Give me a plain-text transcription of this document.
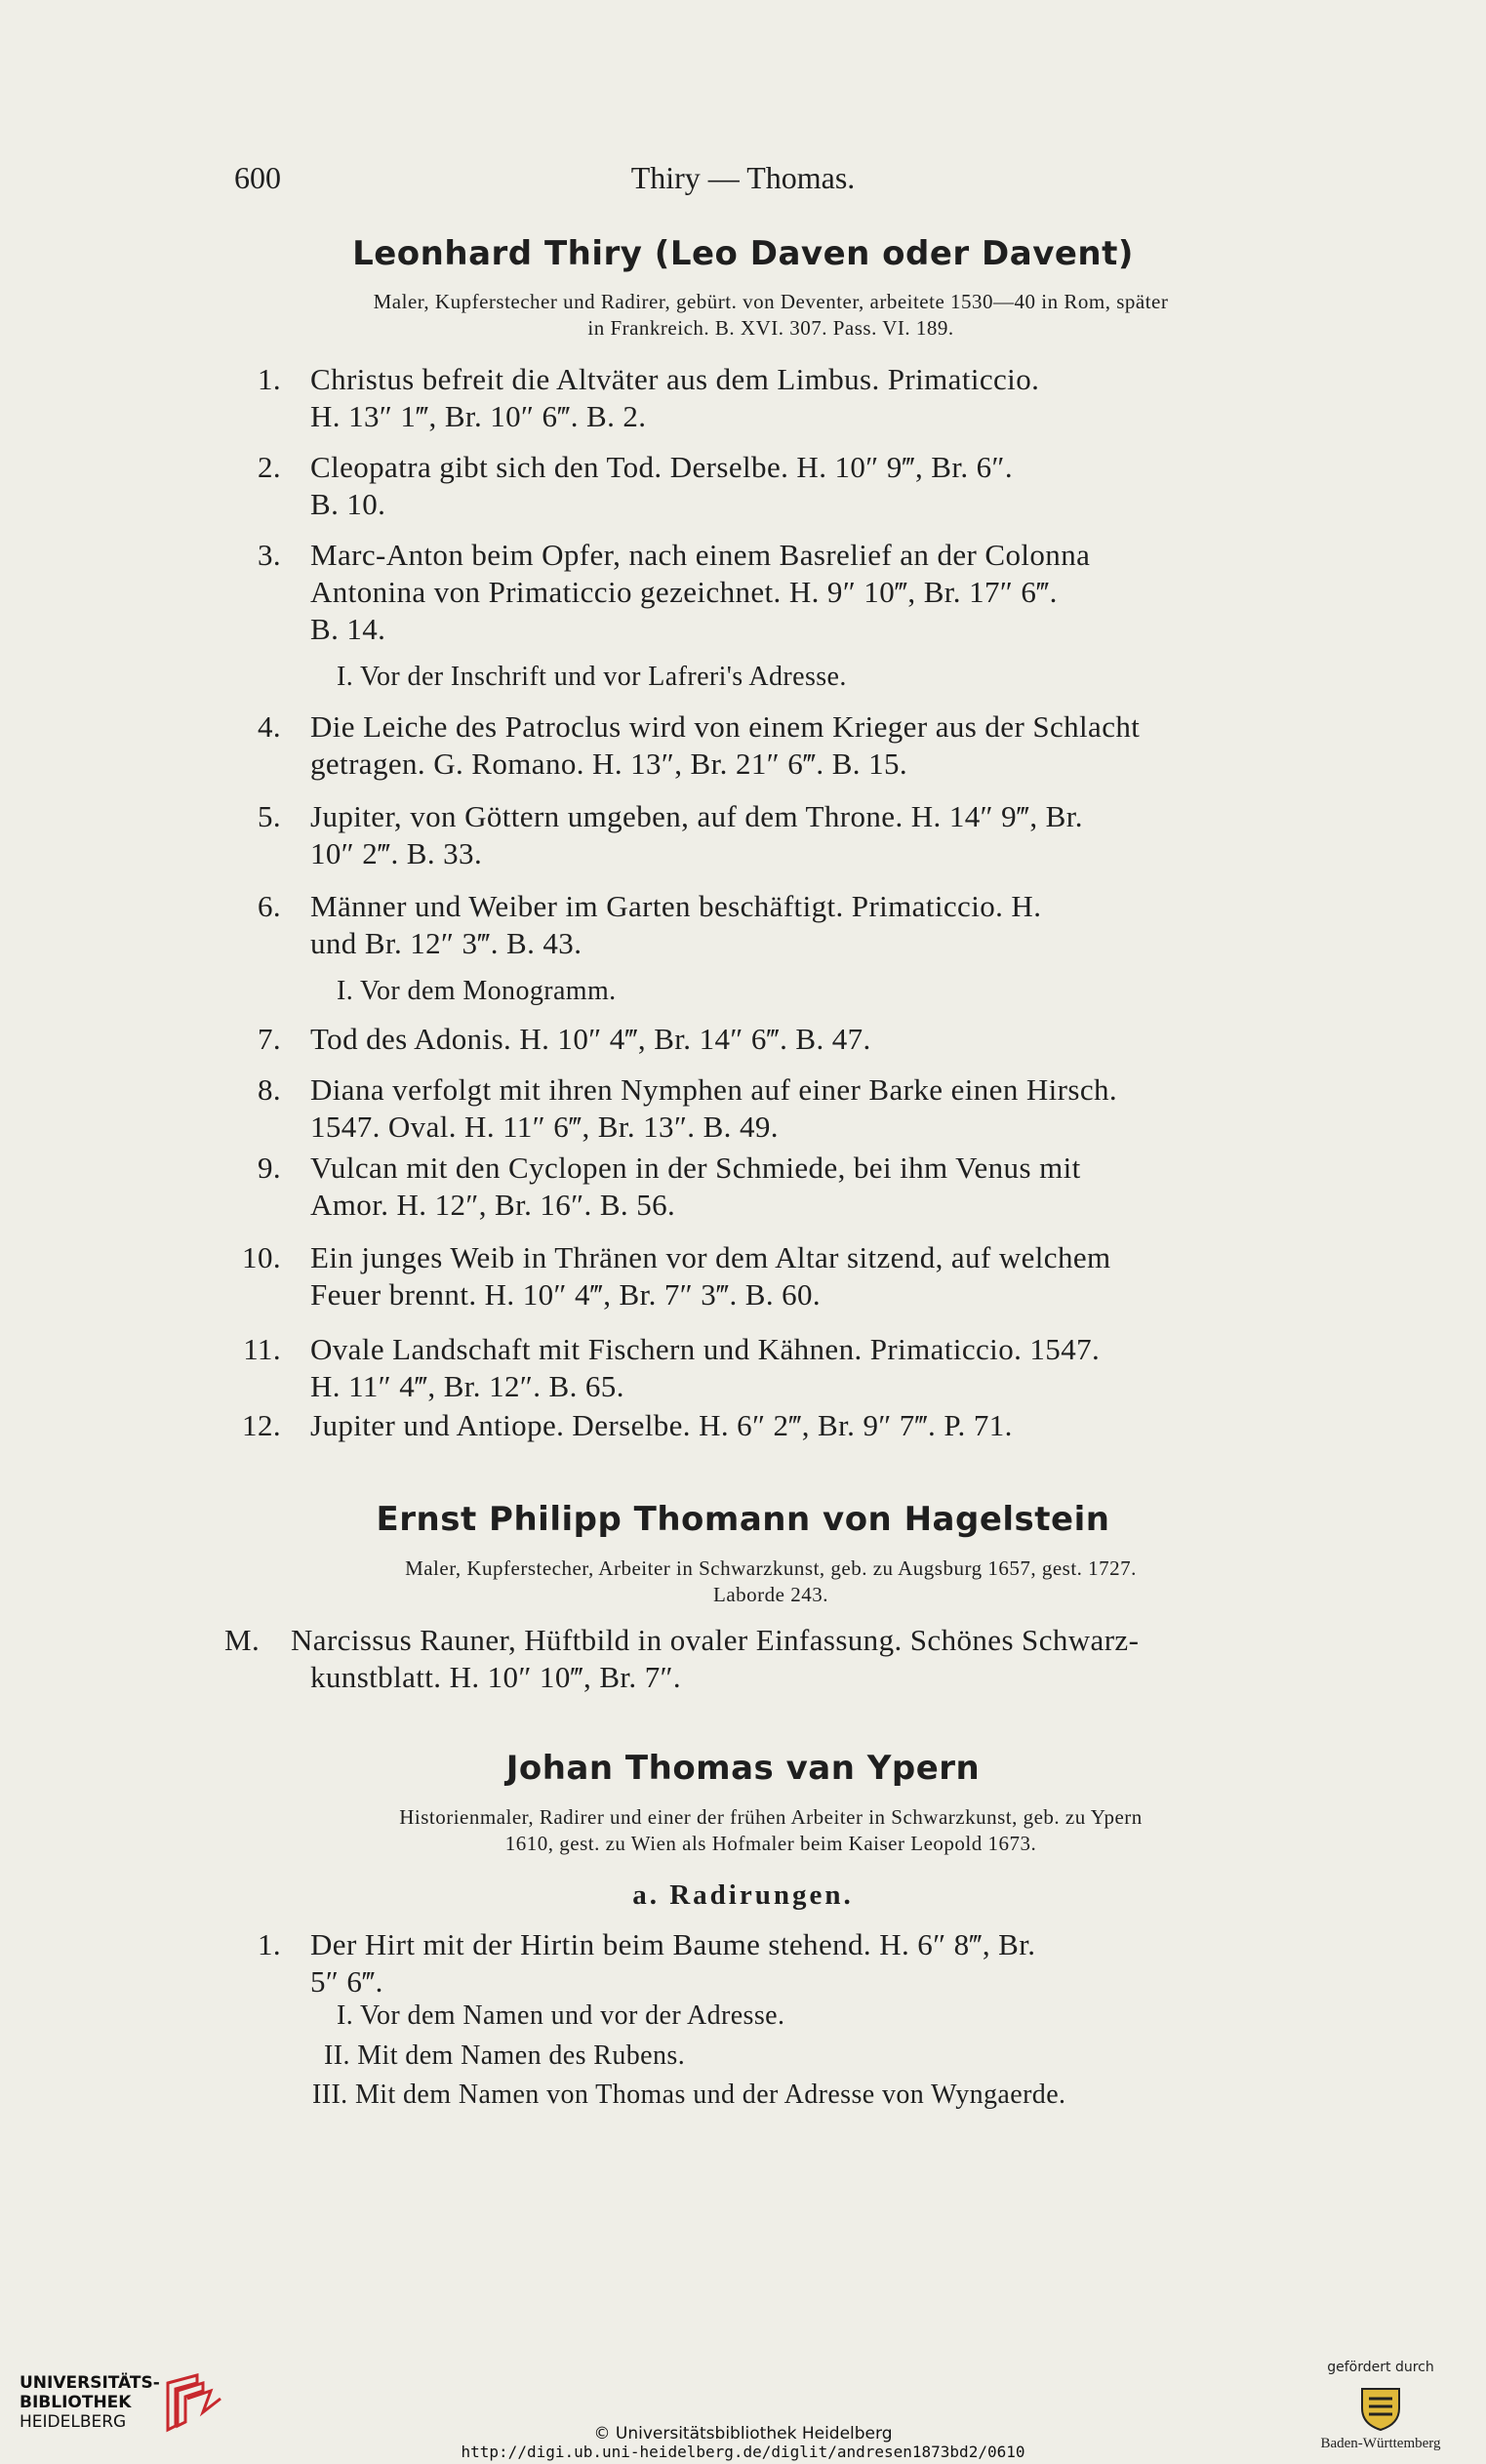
600	Thiry — Thomas.
Leonhard Thiry (Leo Daven oder Davent)
Maler, Kupferstecher und Radirer, gebürt. von Deventer, arbeitete 1530—40 in Rom, später
in Frankreich. B. XVI. 307. Pass. VI. 189.
1. Christus befreit die Altväter aus dem Limbus. Primaticcio.
H. 13″ 1‴, Br. 10″ 6‴. B. 2.
2. Cleopatra gibt sich den Tod. Derselbe. H. 10″ 9‴, Br. 6″.
B. 10.
3. Marc-Anton beim Opfer, nach einem Basrelief an der Colonna
Antonina von Primaticcio gezeichnet. H. 9″ 10‴, Br. 17″ 6‴.
B. 14.
I. Vor der Inschrift und vor Lafreri's Adresse.
4. Die Leiche des Patroclus wird von einem Krieger aus der Schlacht
getragen. G. Romano. H. 13″, Br. 21″ 6‴. B. 15.
5. Jupiter, von Göttern umgeben, auf dem Throne. H. 14″ 9‴, Br.
10″ 2‴. B. 33.
6. Männer und Weiber im Garten beschäftigt. Primaticcio. H.
und Br. 12″ 3‴. B. 43.
I. Vor dem Monogramm.
7. Tod des Adonis. H. 10″ 4‴, Br. 14″ 6‴. B. 47.
8. Diana verfolgt mit ihren Nymphen auf einer Barke einen Hirsch.
1547. Oval. H. 11″ 6‴, Br. 13″. B. 49.
9. Vulcan mit den Cyclopen in der Schmiede, bei ihm Venus mit
Amor. H. 12″, Br. 16″. B. 56.
10. Ein junges Weib in Thränen vor dem Altar sitzend, auf welchem
Feuer brennt. H. 10″ 4‴, Br. 7″ 3‴. B. 60.
11. Ovale Landschaft mit Fischern und Kähnen. Primaticcio. 1547.
H. 11″ 4‴, Br. 12″. B. 65.
12. Jupiter und Antiope. Derselbe. H. 6″ 2‴, Br. 9″ 7‴. P. 71.
Ernst Philipp Thomann von Hagelstein
Maler, Kupferstecher, Arbeiter in Schwarzkunst, geb. zu Augsburg 1657, gest. 1727.
Laborde 243.
M. Narcissus Rauner, Hüftbild in ovaler Einfassung. Schönes Schwarz-
kunstblatt. H. 10″ 10‴, Br. 7″.
Johan Thomas van Ypern
Historienmaler, Radirer und einer der frühen Arbeiter in Schwarzkunst, geb. zu Ypern
1610, gest. zu Wien als Hofmaler beim Kaiser Leopold 1673.
a. Radirungen.
1. Der Hirt mit der Hirtin beim Baume stehend. H. 6″ 8‴, Br.
5″ 6‴.
I. Vor dem Namen und vor der Adresse.
II. Mit dem Namen des Rubens.
III. Mit dem Namen von Thomas und der Adresse von Wyngaerde.
UNIVERSITÄTS-
BIBLIOTHEK
HEIDELBERG
© Universitätsbibliothek Heidelberg
http://digi.ub.uni-heidelberg.de/diglit/andresen1873bd2/0610
gefördert durch
Baden-Württemberg
